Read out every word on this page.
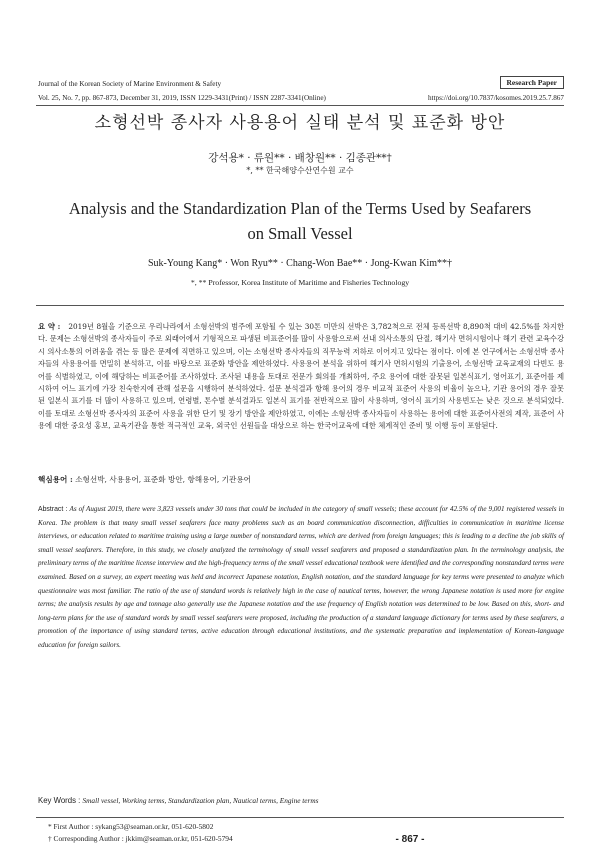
Journal of the Korean Society of Marine Environment & Safety	Research Paper
Vol. 25, No. 7, pp. 867-873, December 31, 2019, ISSN 1229-3431(Print) / ISSN 2287-3341(Online)	https://doi.org/10.7837/kosomes.2019.25.7.867
소형선박 종사자 사용용어 실태 분석 및 표준화 방안
강석용* · 류원** · 배창원** · 김종관**†
*, ** 한국해양수산연수원 교수
Analysis and the Standardization Plan of the Terms Used by Seafarers on Small Vessel
Suk-Young Kang* · Won Ryu** · Chang-Won Bae** · Jong-Kwan Kim**†
*, ** Professor, Korea Institute of Maritime and Fisheries Technology
요 약 : 2019년 8월을 기준으로 우리나라에서 소형선박의 범주에 포함될 수 있는 30톤 미만의 선박은 3,782척으로 전체 등록선박 8,890척 대비 42.5%를 차지한다. 문제는 소형선박의 종사자들이 주로 외래어에서 기형적으로 파생된 비표준어를 많이 사용함으로써 선내 의사소통의 단절, 해기사 면허시험이나 해기 관련 교육수강 시 의사소통의 어려움을 겪는 등 많은 문제에 직면하고 있으며, 이는 소형선박 종사자들의 직무능력 저하로 이어지고 있다는 점이다. 이에 본 연구에서는 소형선박 종사자들의 사용용어를 면밀히 분석하고, 이를 바탕으로 표준화 방안을 제안하였다. 사용용어 분석을 위하여 해기사 면허시험의 기출용어, 소형선박 교육교재의 다빈도 용어를 식별하였고, 이에 해당하는 비표준어를 조사하였다. 조사된 내용을 토대로 전문가 회의를 개최하여, 주요 용어에 대한 잘못된 일본식표기, 영어표기, 표준어를 제시하여 어느 표기에 가장 친숙한지에 관해 설문을 시행하여 분석하였다. 설문 분석결과 항해 용어의 경우 비교적 표준어 사용의 비율이 높으나, 기관 용어의 경우 잘못된 일본식 표기를 더 많이 사용하고 있으며, 연령별, 톤수별 분석결과도 일본식 표기를 전반적으로 많이 사용하며, 영어식 표기의 사용빈도는 낮은 것으로 분석되었다. 이를 토대로 소형선박 종사자의 표준어 사용을 위한 단기 및 장기 방안을 제안하였고, 이에는 소형선박 종사자들이 사용하는 용어에 대한 표준어사전의 제작, 표준어 사용에 대한 중요성 홍보, 교육기관을 통한 적극적인 교육, 외국인 선원들을 대상으로 하는 한국어교육에 대한 체계적인 준비 및 이행 등이 포함된다.
핵심용어 : 소형선박, 사용용어, 표준화 방안, 항해용어, 기관용어
Abstract : As of August 2019, there were 3,823 vessels under 30 tons that could be included in the category of small vessels; these account for 42.5% of the 9,001 registered vessels in Korea. The problem is that many small vessel seafarers face many problems such as an board communication disconnection, difficulties in communication in maritime license interviews, or education related to maritime training using a large number of nonstandard terms, which are derived from foreign languages; this is leading to a decline the job skills of small vessel seafarers. Therefore, in this study, we closely analyzed the terminology of small vessel seafarers and proposed a standardization plan. In the terminology analysis, the preliminary terms of the maritime license interview and the high-frequency terms of the small vessel educational textbook were identified and the corresponding nonstandard terms were examined. Based on a survey, an expert meeting was held and incorrect Japanese notation, English notation, and the standard language for key terms were presented to analyze which questionnaire was most familiar. The ratio of the use of standard words is relatively high in the case of nautical terms, however, the wrong Japanese notation is used more for engine terms; the analysis results by age and tonnage also generally use the Japanese notation and the use frequency of English notation was determined to be low. Based on this, short- and long-term plans for the use of standard words by small vessel seafarers were proposed, including the production of a standard language dictionary for terms used by these seafarers, a promotion of the importance of using standard terms, active education through educational institutions, and the systematic preparation and implementation of Korean-language education for foreign sailors.
Key Words : Small vessel, Working terms, Standardization plan, Nautical terms, Engine terms
* First Author : sykang53@seaman.or.kr, 051-620-5802
† Corresponding Author : jkkim@seaman.or.kr, 051-620-5794	- 867 -
